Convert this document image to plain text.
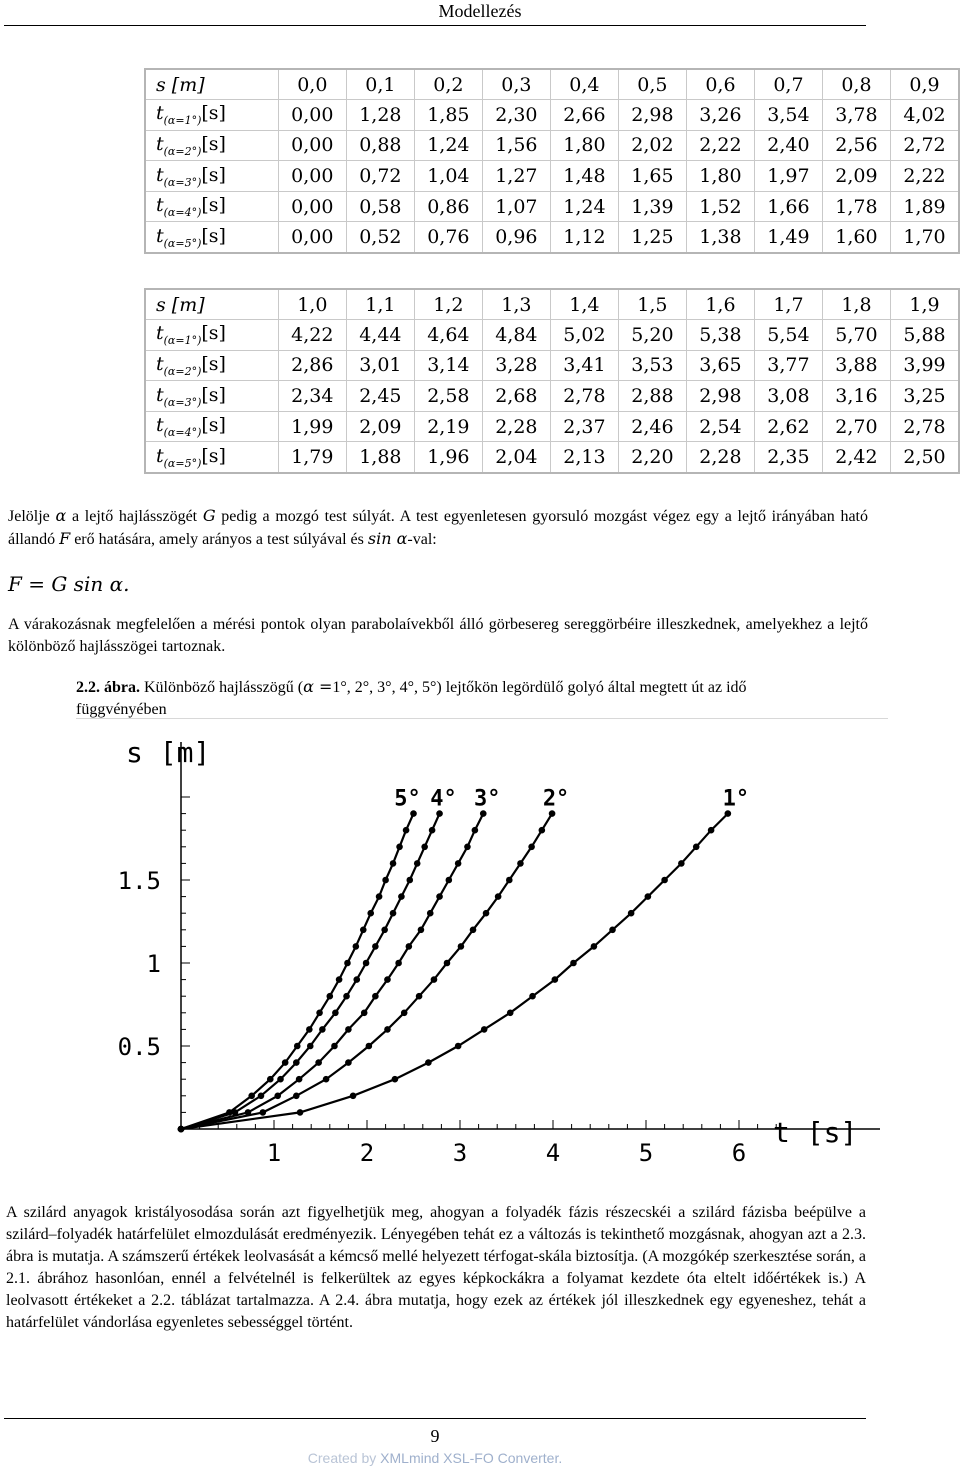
Modellezés
s [m]	0,0	0,1	0,2	0,3	0,4	0,5	0,6	0,7	0,8	0,9
$t_{(\alpha=1^\circ)}[s]$	0,00	1,28	1,85	2,30	2,66	2,98	3,26	3,54	3,78	4,02
$t_{(\alpha=2^\circ)}[s]$	0,00	0,88	1,24	1,56	1,80	2,02	2,22	2,40	2,56	2,72
$t_{(\alpha=3^\circ)}[s]$	0,00	0,72	1,04	1,27	1,48	1,65	1,80	1,97	2,09	2,22
$t_{(\alpha=4^\circ)}[s]$	0,00	0,58	0,86	1,07	1,24	1,39	1,52	1,66	1,78	1,89
$t_{(\alpha=5^\circ)}[s]$	0,00	0,52	0,76	0,96	1,12	1,25	1,38	1,49	1,60	1,70
s [m]	1,0	1,1	1,2	1,3	1,4	1,5	1,6	1,7	1,8	1,9
$t_{(\alpha=1^\circ)}[s]$	4,22	4,44	4,64	4,84	5,02	5,20	5,38	5,54	5,70	5,88
$t_{(\alpha=2^\circ)}[s]$	2,86	3,01	3,14	3,28	3,41	3,53	3,65	3,77	3,88	3,99
$t_{(\alpha=3^\circ)}[s]$	2,34	2,45	2,58	2,68	2,78	2,88	2,98	3,08	3,16	3,25
$t_{(\alpha=4^\circ)}[s]$	1,99	2,09	2,19	2,28	2,37	2,46	2,54	2,62	2,70	2,78
$t_{(\alpha=5^\circ)}[s]$	1,79	1,88	1,96	2,04	2,13	2,20	2,28	2,35	2,42	2,50
Jelölje α a lejtő hajlásszögét G pedig a mozgó test súlyát. A test egyenletesen gyorsuló mozgást végez egy a lejtő irányában ható állandó F erő hatására, amely arányos a test súlyával és sin α-val:
F = G sin α.
A várakozásnak megfelelően a mérési pontok olyan parabolaívekből álló görbesereg sereggörbéire illeszkednek, amelyekhez a lejtő kölönböző hajlásszögei tartoznak.
2.2. ábra. Különböző hajlásszögű (α =1°, 2°, 3°, 4°, 5°) lejtőkön legördülő golyó által megtett út az idő függvényében
1	2	3	4	5	6
0.5
1
1.5
s [m]
t [s]
1°
2°
3°
4°
5°
A szilárd anyagok kristályosodása során azt figyelhetjük meg, ahogyan a folyadék fázis részecskéi a szilárd fázisba beépülve a szilárd–folyadék határfelület elmozdulását eredményezik. Lényegében tehát ez a változás is tekinthető mozgásnak, ahogyan azt a 2.3. ábra is mutatja. A számszerű értékek leolvasását a kémcső mellé helyezett térfogat-skála biztosítja. (A mozgókép szerkesztése során, a 2.1. ábrához hasonlóan, ennél a felvételnél is felkerültek az egyes képkockákra a folyamat kezdete óta eltelt időértékek is.) A leolvasott értékeket a 2.2. táblázat tartalmazza. A 2.4. ábra mutatja, hogy ezek az értékek jól illeszkednek egy egyeneshez, tehát a határfelület vándorlása egyenletes sebességgel történt.
9
Created by XMLmind XSL-FO Converter.
